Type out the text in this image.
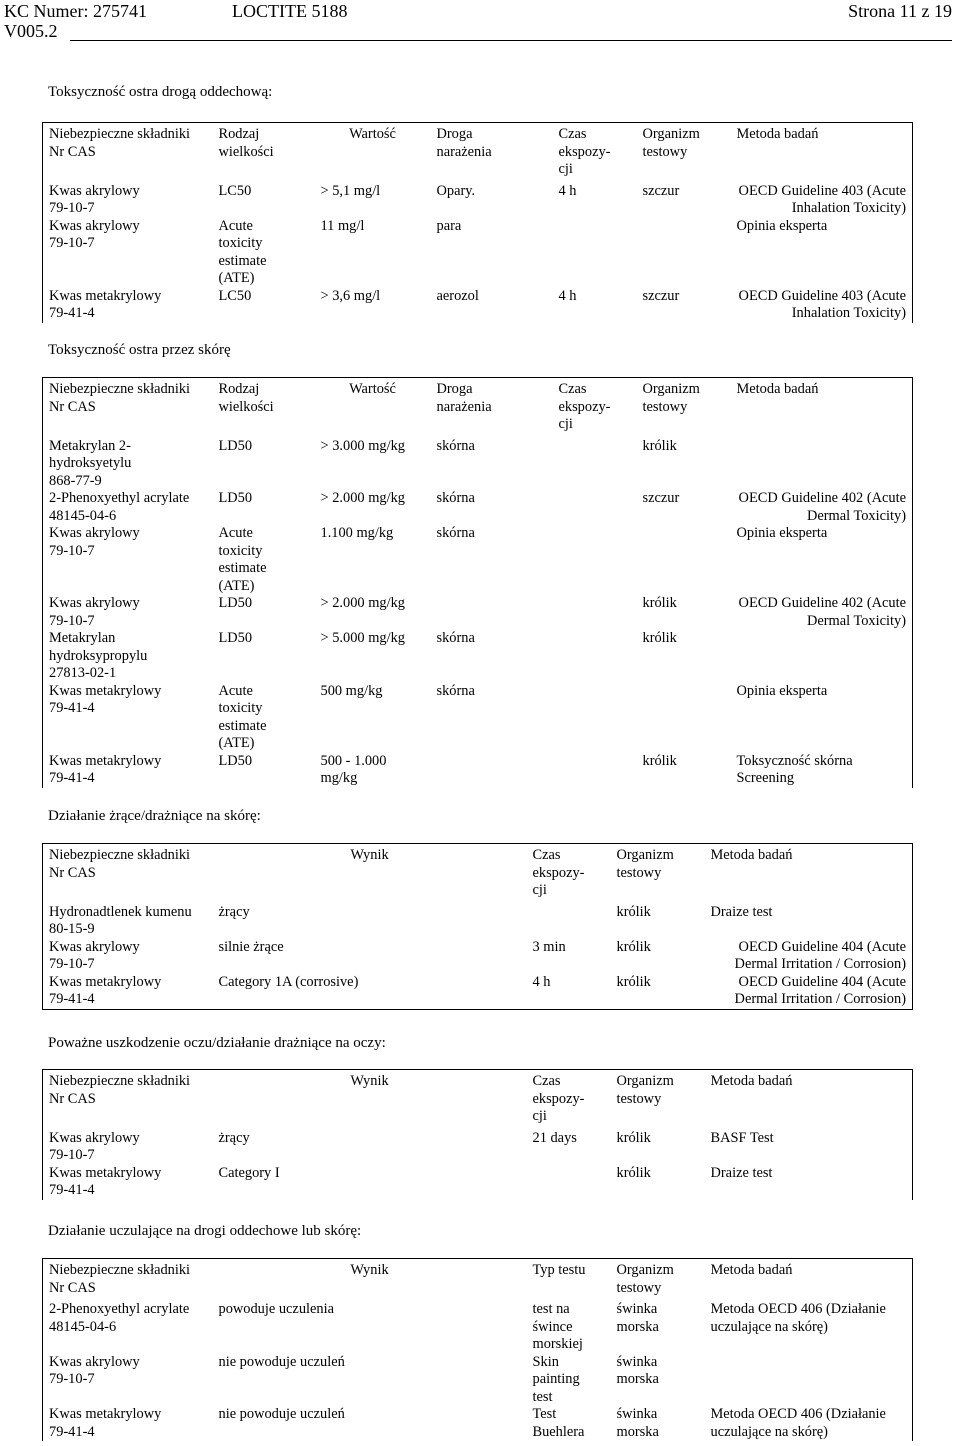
KC Numer: 275741
V005.2
LOCTITE 5188	Strona 11 z 19
Toksyczność ostra drogą oddechową:
Niebezpieczne składniki
Nr CAS	Rodzaj
wielkości	Wartość	Droga
narażenia	Czas
ekspozy-
cji	Organizm
testowy	Metoda badań
Kwas akrylowy
79-10-7	LC50	> 5,1 mg/l	Opary.	4 h	szczur	OECD Guideline 403 (Acute
Inhalation Toxicity)
Kwas akrylowy
79-10-7	Acute
toxicity
estimate
(ATE)	11 mg/l	para			Opinia eksperta
Kwas metakrylowy
79-41-4	LC50	> 3,6 mg/l	aerozol	4 h	szczur	OECD Guideline 403 (Acute
Inhalation Toxicity)
Toksyczność ostra przez skórę
Niebezpieczne składniki
Nr CAS	Rodzaj
wielkości	Wartość	Droga
narażenia	Czas
ekspozy-
cji	Organizm
testowy	Metoda badań
Metakrylan 2-
hydroksyetylu
868-77-9	LD50	> 3.000 mg/kg	skórna		królik	
2-Phenoxyethyl acrylate
48145-04-6	LD50	> 2.000 mg/kg	skórna		szczur	OECD Guideline 402 (Acute
Dermal Toxicity)
Kwas akrylowy
79-10-7	Acute
toxicity
estimate
(ATE)	1.100 mg/kg	skórna			Opinia eksperta
Kwas akrylowy
79-10-7	LD50	> 2.000 mg/kg			królik	OECD Guideline 402 (Acute
Dermal Toxicity)
Metakrylan
hydroksypropylu
27813-02-1	LD50	> 5.000 mg/kg	skórna		królik	
Kwas metakrylowy
79-41-4	Acute
toxicity
estimate
(ATE)	500 mg/kg	skórna			Opinia eksperta
Kwas metakrylowy
79-41-4	LD50	500 - 1.000
mg/kg			królik	Toksyczność skórna Screening
Działanie żrące/drażniące na skórę:
Niebezpieczne składniki
Nr CAS	Wynik	Czas
ekspozy-
cji	Organizm
testowy	Metoda badań
Hydronadtlenek kumenu
80-15-9	żrący		królik	Draize test
Kwas akrylowy
79-10-7	silnie żrące	3 min	królik	OECD Guideline 404 (Acute
Dermal Irritation / Corrosion)
Kwas metakrylowy
79-41-4	Category 1A (corrosive)	4 h	królik	OECD Guideline 404 (Acute
Dermal Irritation / Corrosion)
Poważne uszkodzenie oczu/działanie drażniące na oczy:
Niebezpieczne składniki
Nr CAS	Wynik	Czas
ekspozy-
cji	Organizm
testowy	Metoda badań
Kwas akrylowy
79-10-7	żrący	21 days	królik	BASF Test
Kwas metakrylowy
79-41-4	Category I		królik	Draize test
Działanie uczulające na drogi oddechowe lub skórę:
Niebezpieczne składniki
Nr CAS	Wynik	Typ testu	Organizm
testowy	Metoda badań
2-Phenoxyethyl acrylate
48145-04-6	powoduje uczulenia	test na
śwince
morskiej	świnka
morska	Metoda OECD 406 (Działanie
uczulające na skórę)
Kwas akrylowy
79-10-7	nie powoduje uczuleń	Skin
painting
test	świnka
morska	
Kwas metakrylowy
79-41-4	nie powoduje uczuleń	Test
Buehlera	świnka
morska	Metoda OECD 406 (Działanie
uczulające na skórę)
